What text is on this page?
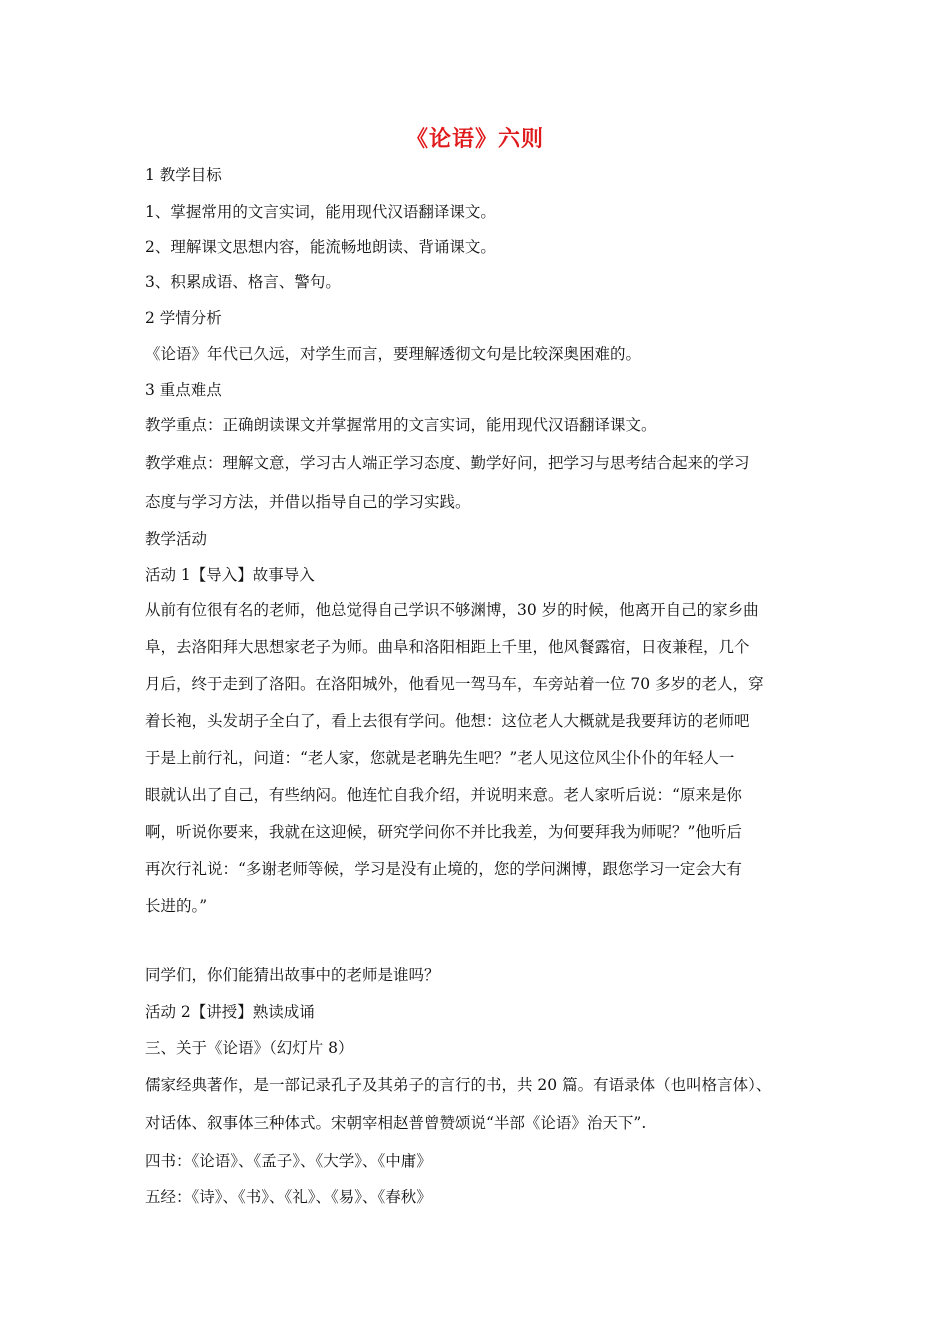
《论语》六则
1 教学目标
1、掌握常用的文言实词，能用现代汉语翻译课文。
2、理解课文思想内容，能流畅地朗读、背诵课文。
3、积累成语、格言、警句。
2 学情分析
《论语》年代已久远，对学生而言，要理解透彻文句是比较深奥困难的。
3 重点难点
教学重点：正确朗读课文并掌握常用的文言实词，能用现代汉语翻译课文。
教学难点：理解文意，学习古人端正学习态度、勤学好问，把学习与思考结合起来的学习
态度与学习方法，并借以指导自己的学习实践。
教学活动
活动 1【导入】故事导入
从前有位很有名的老师，他总觉得自己学识不够渊博，30 岁的时候，他离开自己的家乡曲
阜，去洛阳拜大思想家老子为师。曲阜和洛阳相距上千里，他风餐露宿，日夜兼程，几个
月后，终于走到了洛阳。在洛阳城外，他看见一驾马车，车旁站着一位 70 多岁的老人，穿
着长袍，头发胡子全白了，看上去很有学问。他想：这位老人大概就是我要拜访的老师吧
于是上前行礼，问道：“老人家，您就是老聃先生吧？”老人见这位风尘仆仆的年轻人一
眼就认出了自己，有些纳闷。他连忙自我介绍，并说明来意。老人家听后说：“原来是你
啊，听说你要来，我就在这迎候，研究学问你不并比我差，为何要拜我为师呢？”他听后
再次行礼说：“多谢老师等候，学习是没有止境的，您的学问渊博，跟您学习一定会大有
长进的。”
同学们，你们能猜出故事中的老师是谁吗？
活动 2【讲授】熟读成诵
三、关于《论语》（幻灯片 8）
儒家经典著作，是一部记录孔子及其弟子的言行的书，共 20 篇。有语录体（也叫格言体）、
对话体、叙事体三种体式。宋朝宰相赵普曾赞颂说“半部《论语》治天下”.
四书：《论语》、《孟子》、《大学》、《中庸》
五经：《诗》、《书》、《礼》、《易》、《春秋》
